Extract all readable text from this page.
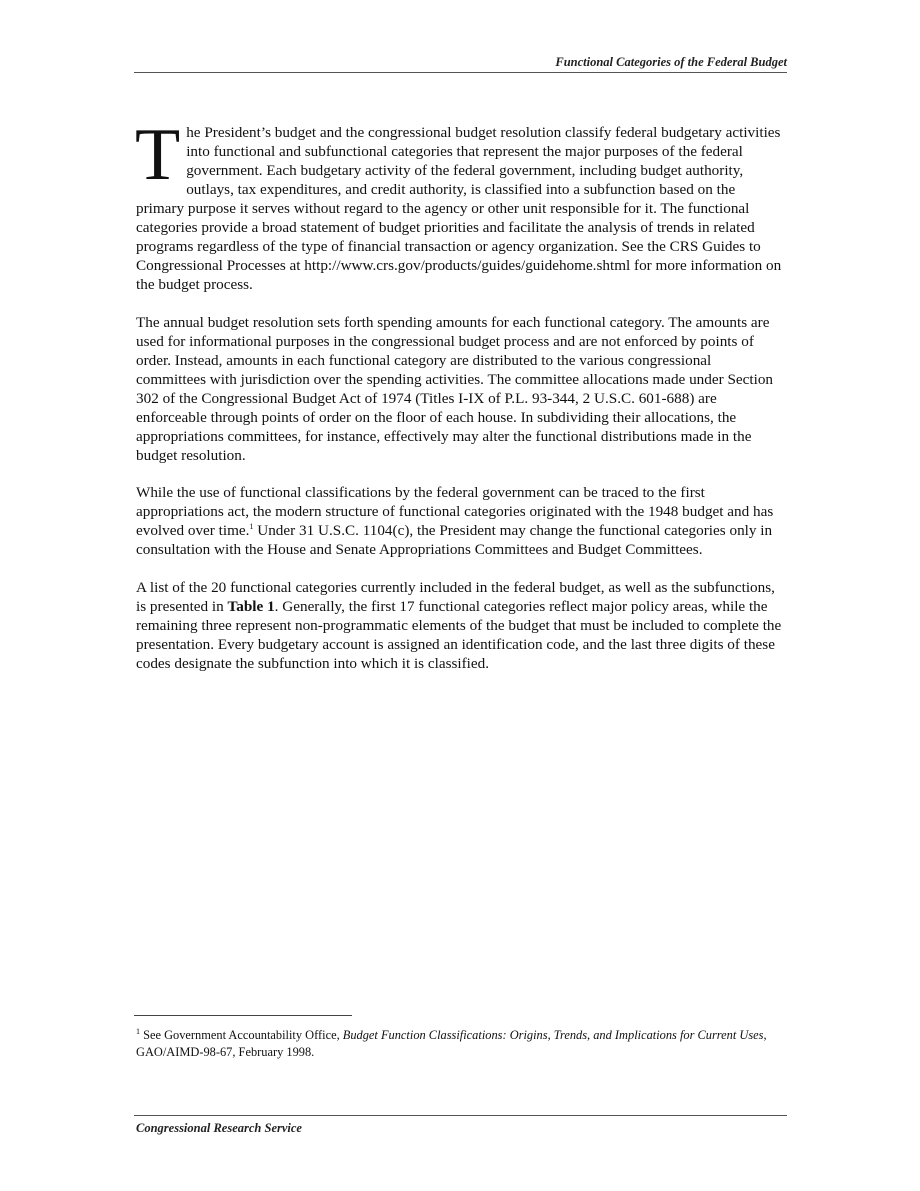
Functional Categories of the Federal Budget

The President’s budget and the congressional budget resolution classify federal budgetary activities into functional and subfunctional categories that represent the major purposes of the federal government. Each budgetary activity of the federal government, including budget authority, outlays, tax expenditures, and credit authority, is classified into a subfunction based on the primary purpose it serves without regard to the agency or other unit responsible for it. The functional categories provide a broad statement of budget priorities and facilitate the analysis of trends in related programs regardless of the type of financial transaction or agency organization. See the CRS Guides to Congressional Processes at http://www.crs.gov/products/guides/guidehome.shtml for more information on the budget process.

The annual budget resolution sets forth spending amounts for each functional category. The amounts are used for informational purposes in the congressional budget process and are not enforced by points of order. Instead, amounts in each functional category are distributed to the various congressional committees with jurisdiction over the spending activities. The committee allocations made under Section 302 of the Congressional Budget Act of 1974 (Titles I-IX of P.L. 93-344, 2 U.S.C. 601-688) are enforceable through points of order on the floor of each house. In subdividing their allocations, the appropriations committees, for instance, effectively may alter the functional distributions made in the budget resolution.

While the use of functional classifications by the federal government can be traced to the first appropriations act, the modern structure of functional categories originated with the 1948 budget and has evolved over time.$^1$ Under 31 U.S.C. 1104(c), the President may change the functional categories only in consultation with the House and Senate Appropriations Committees and Budget Committees.

A list of the 20 functional categories currently included in the federal budget, as well as the subfunctions, is presented in Table 1. Generally, the first 17 functional categories reflect major policy areas, while the remaining three represent non-programmatic elements of the budget that must be included to complete the presentation. Every budgetary account is assigned an identification code, and the last three digits of these codes designate the subfunction into which it is classified.

$^1$ See Government Accountability Office, Budget Function Classifications: Origins, Trends, and Implications for Current Uses, GAO/AIMD-98-67, February 1998.
Congressional Research Service
